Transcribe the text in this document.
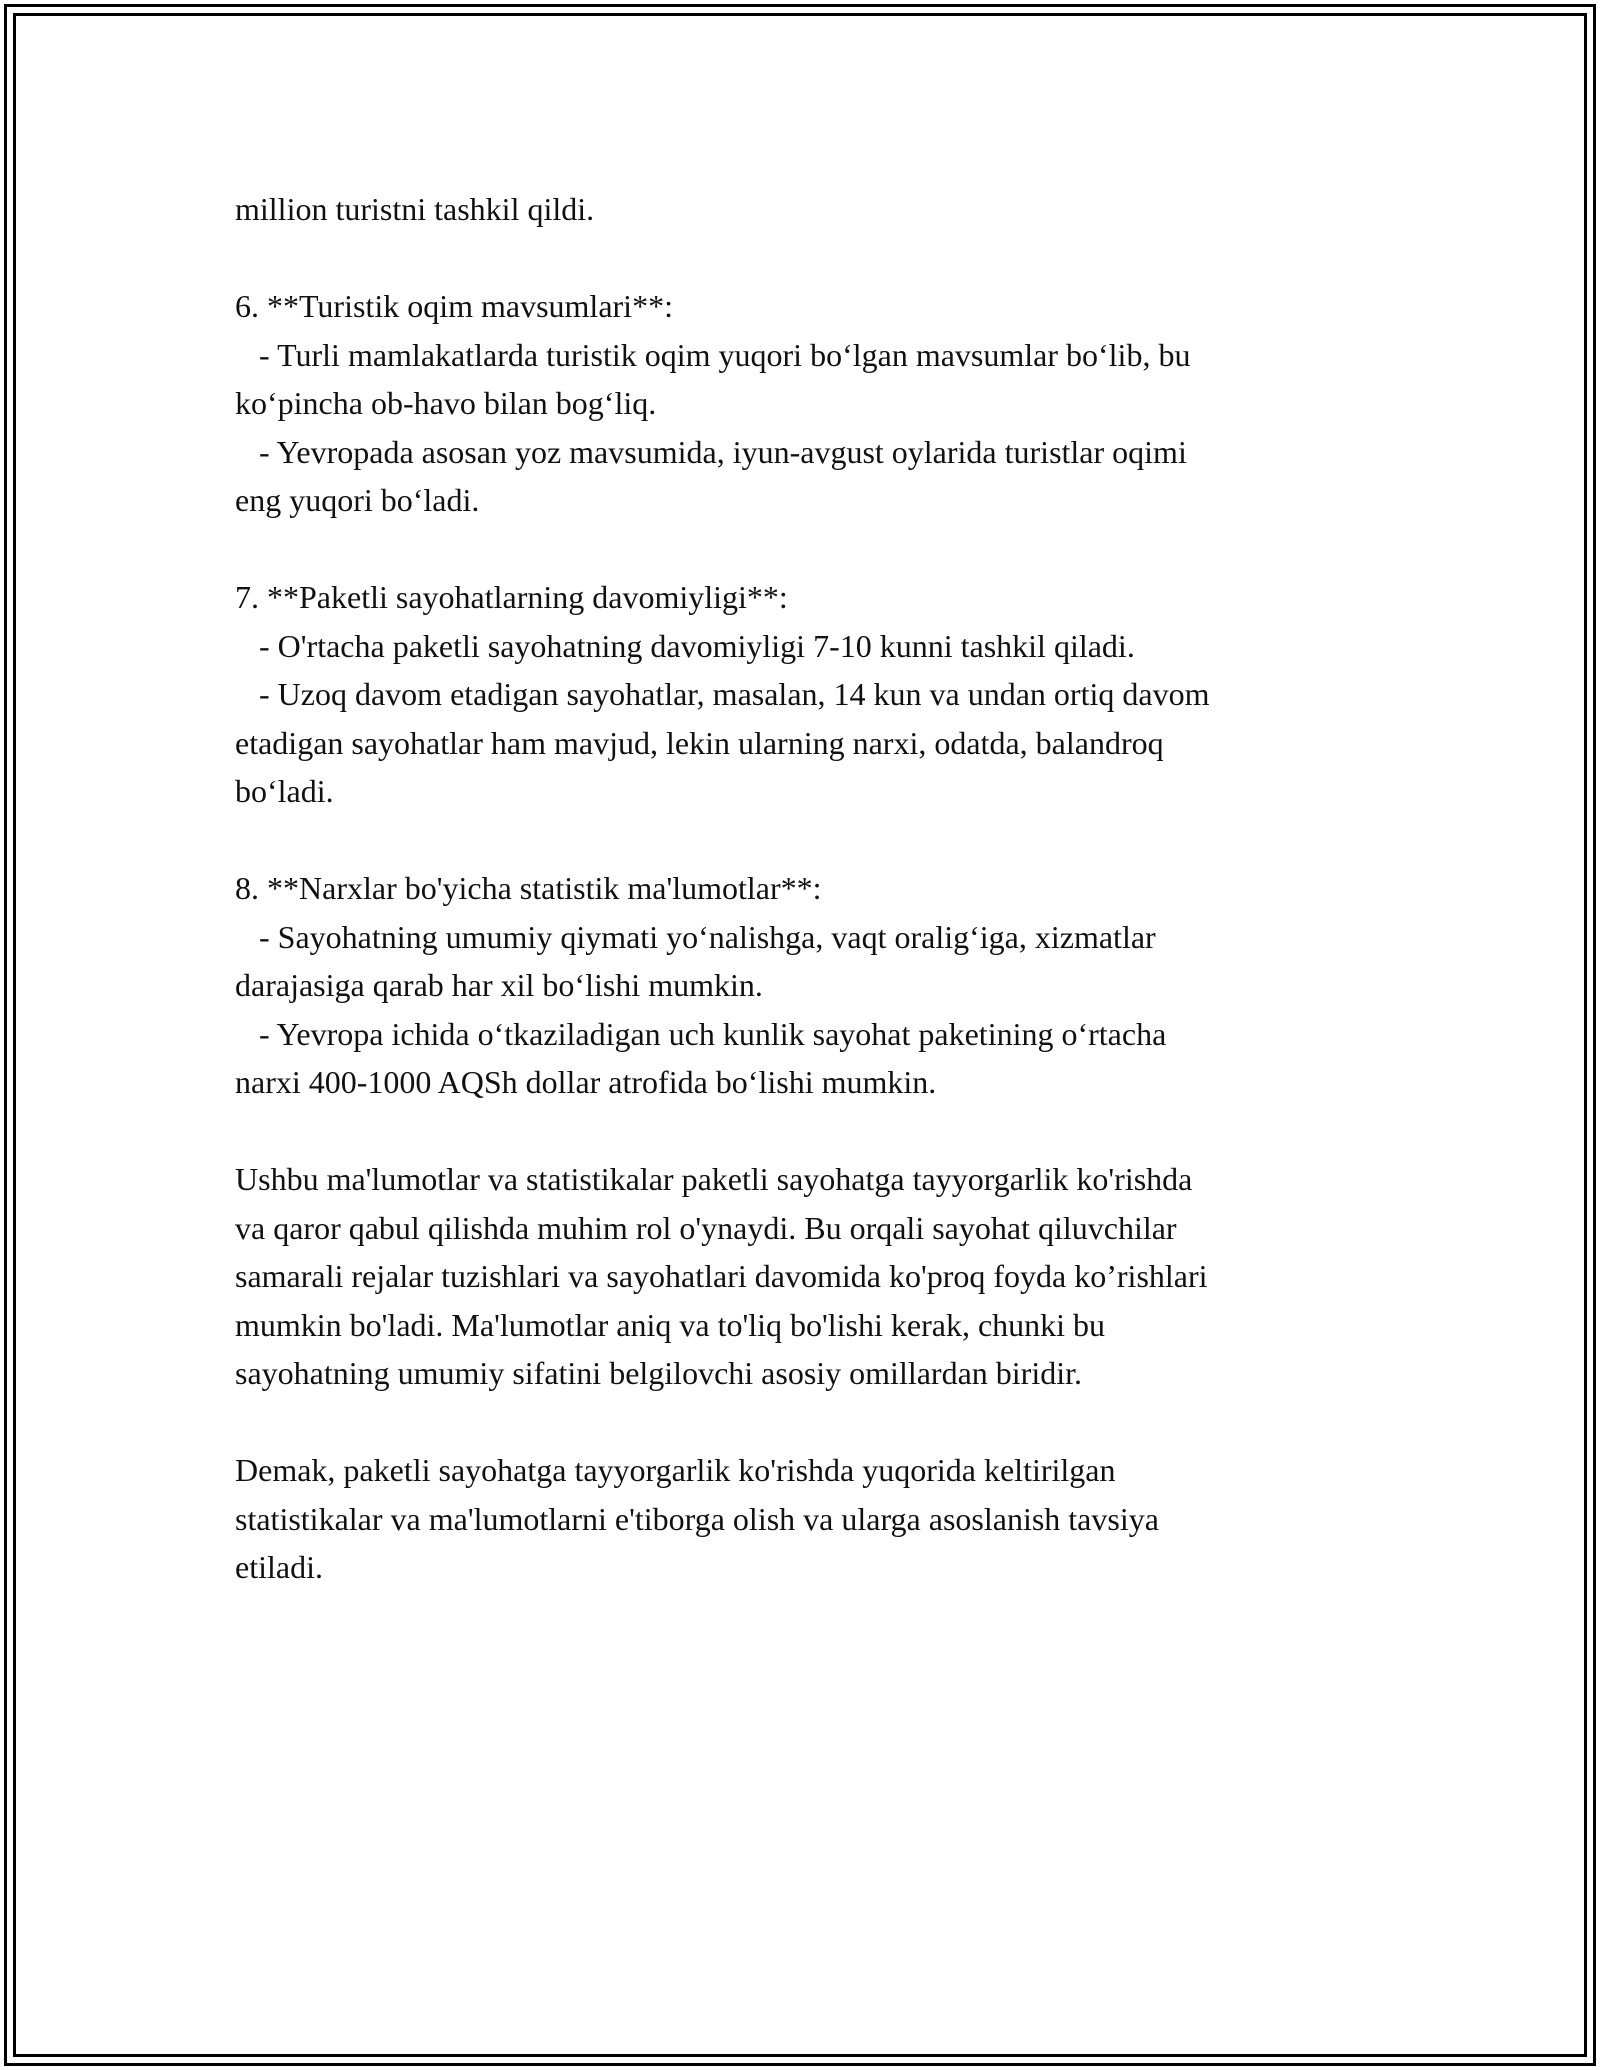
million turistni tashkil qildi.
6. **Turistik oqim mavsumlari**:
- Turli mamlakatlarda turistik oqim yuqori bo‘lgan mavsumlar bo‘lib, bu
ko‘pincha ob-havo bilan bog‘liq.
- Yevropada asosan yoz mavsumida, iyun-avgust oylarida turistlar oqimi
eng yuqori bo‘ladi.
7. **Paketli sayohatlarning davomiyligi**:
- O'rtacha paketli sayohatning davomiyligi 7-10 kunni tashkil qiladi.
- Uzoq davom etadigan sayohatlar, masalan, 14 kun va undan ortiq davom
etadigan sayohatlar ham mavjud, lekin ularning narxi, odatda, balandroq
bo‘ladi.
8. **Narxlar bo'yicha statistik ma'lumotlar**:
- Sayohatning umumiy qiymati yo‘nalishga, vaqt oralig‘iga, xizmatlar
darajasiga qarab har xil bo‘lishi mumkin.
- Yevropa ichida o‘tkaziladigan uch kunlik sayohat paketining o‘rtacha
narxi 400-1000 AQSh dollar atrofida bo‘lishi mumkin.
Ushbu ma'lumotlar va statistikalar paketli sayohatga tayyorgarlik ko'rishda
va qaror qabul qilishda muhim rol o'ynaydi. Bu orqali sayohat qiluvchilar
samarali rejalar tuzishlari va sayohatlari davomida ko'proq foyda ko’rishlari
mumkin bo'ladi. Ma'lumotlar aniq va to'liq bo'lishi kerak, chunki bu
sayohatning umumiy sifatini belgilovchi asosiy omillardan biridir.
Demak, paketli sayohatga tayyorgarlik ko'rishda yuqorida keltirilgan
statistikalar va ma'lumotlarni e'tiborga olish va ularga asoslanish tavsiya
etiladi.
